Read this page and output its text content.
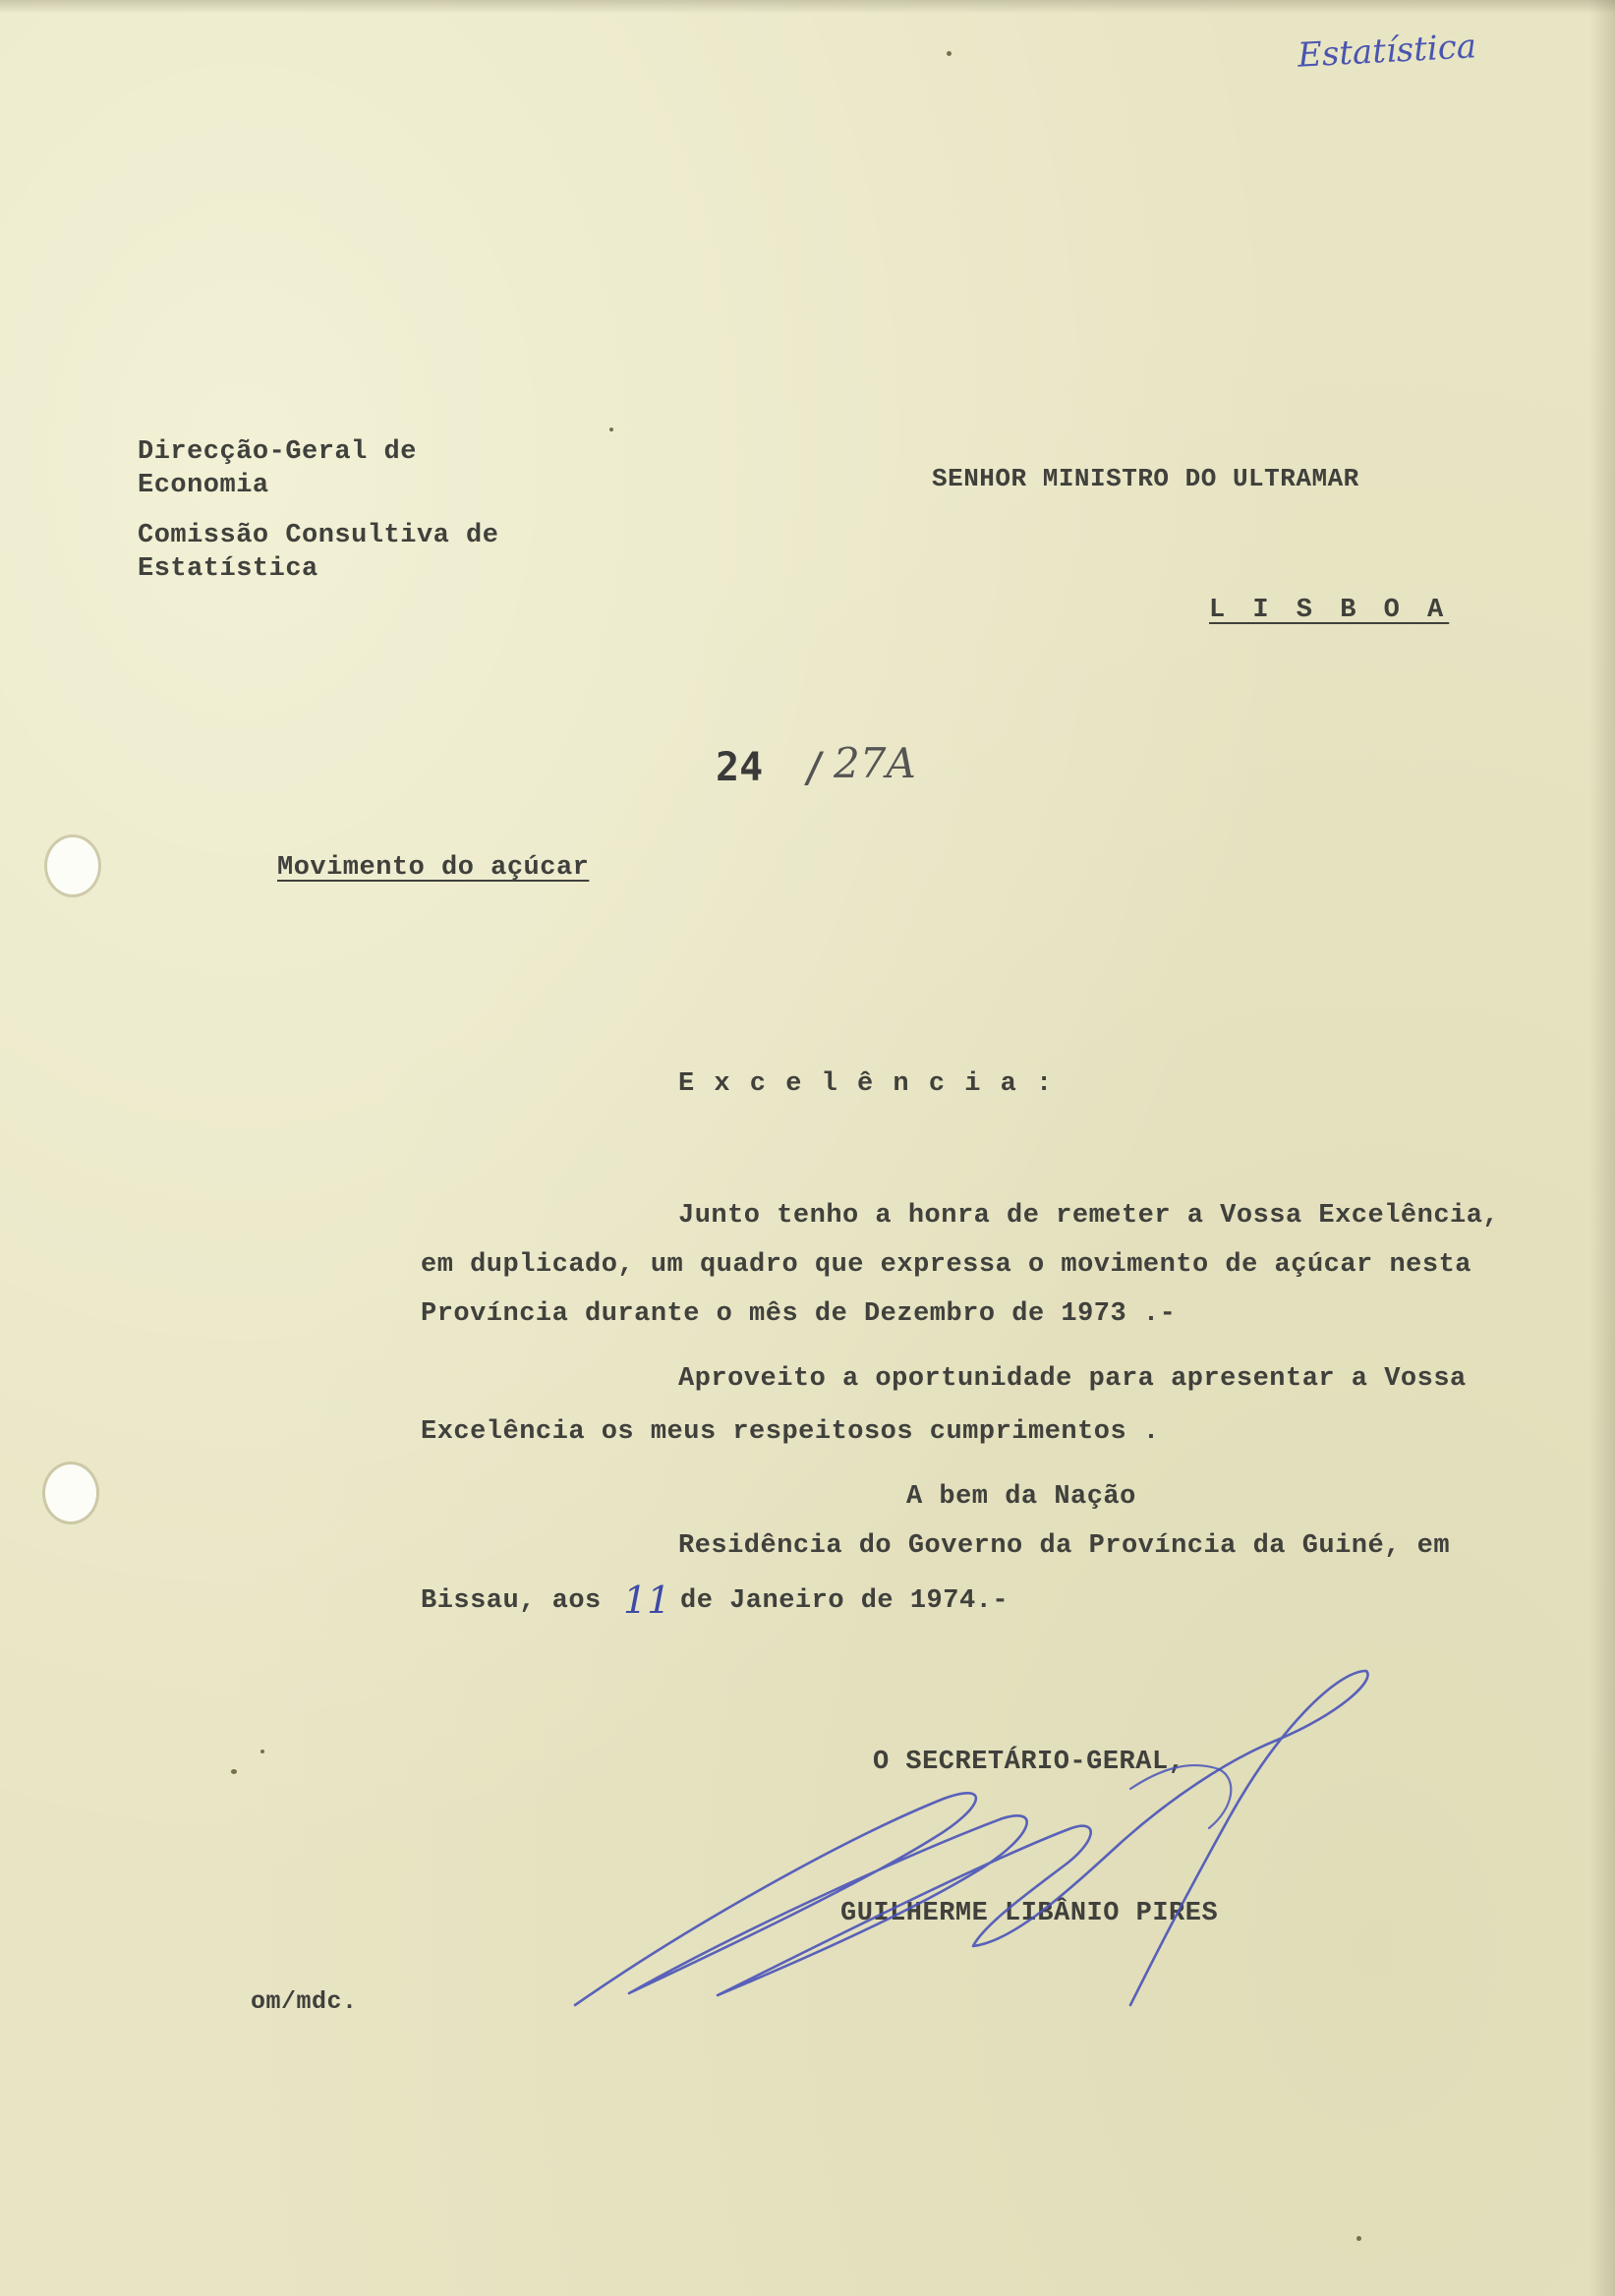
Estatística
Direcção-Geral de
Economia
Comissão Consultiva de
Estatística
SENHOR MINISTRO DO ULTRAMAR
L I S B O A
24 / 27A
Movimento do açúcar
E x c e l ê n c i a :
Junto tenho a honra de remeter a Vossa Excelência,
em duplicado, um quadro que expressa o movimento de açúcar nesta
Província durante o mês de Dezembro de 1973 .-
Aproveito a oportunidade para apresentar a Vossa
Excelência os meus respeitosos cumprimentos .
A bem da Nação
Residência do Governo da Província da Guiné, em
Bissau, aos 11 de Janeiro de 1974.-
O SECRETÁRIO-GERAL,
GUILHERME LIBÂNIO PIRES
om/mdc.
